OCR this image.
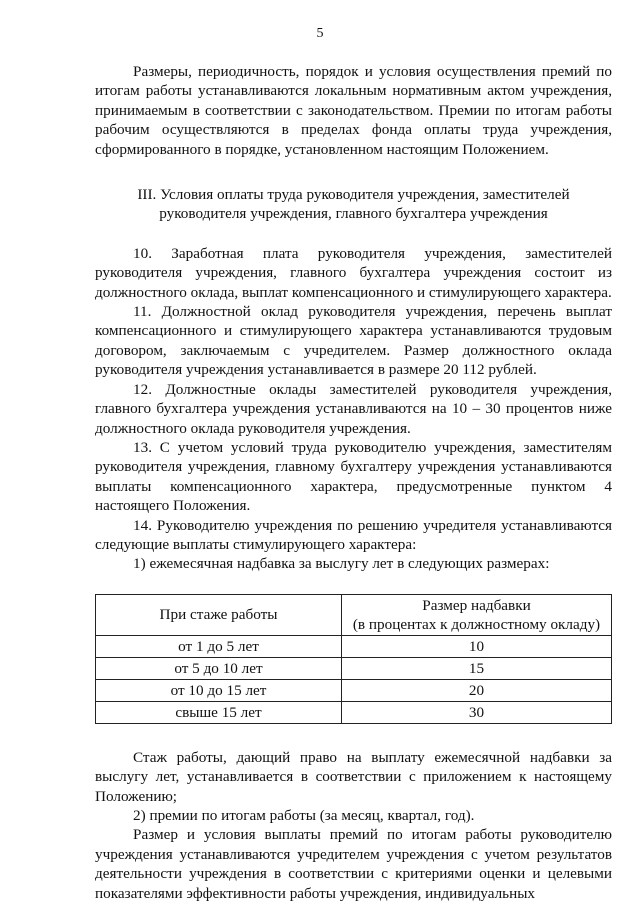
5

Размеры, периодичность, порядок и условия осуществления премий по итогам работы устанавливаются локальным нормативным актом учреждения, принимаемым в соответствии с законодательством. Премии по итогам работы рабочим осуществляются в пределах фонда оплаты труда учреждения, сформированного в порядке, установленном настоящим Положением.

III. Условия оплаты труда руководителя учреждения, заместителей
руководителя учреждения, главного бухгалтера учреждения

10. Заработная плата руководителя учреждения, заместителей руководителя учреждения, главного бухгалтера учреждения состоит из должностного оклада, выплат компенсационного и стимулирующего характера.

11. Должностной оклад руководителя учреждения, перечень выплат компенсационного и стимулирующего характера устанавливаются трудовым договором, заключаемым с учредителем. Размер должностного оклада руководителя учреждения устанавливается в размере 20 112 рублей.

12. Должностные оклады заместителей руководителя учреждения, главного бухгалтера учреждения устанавливаются на 10 – 30 процентов ниже должностного оклада руководителя учреждения.

13. С учетом условий труда руководителю учреждения, заместителям руководителя учреждения, главному бухгалтеру учреждения устанавливаются выплаты компенсационного характера, предусмотренные пунктом 4 настоящего Положения.

14. Руководителю учреждения по решению учредителя устанавливаются следующие выплаты стимулирующего характера:

1) ежемесячная надбавка за выслугу лет в следующих размерах:

При стаже работы	Размер надбавки
(в процентах к должностному окладу)
от 1 до 5 лет	10
от 5 до 10 лет	15
от 10 до 15 лет	20
свыше 15 лет	30

Стаж работы, дающий право на выплату ежемесячной надбавки за выслугу лет, устанавливается в соответствии с приложением к настоящему Положению;

2) премии по итогам работы (за месяц, квартал, год).

Размер и условия выплаты премий по итогам работы руководителю учреждения устанавливаются учредителем учреждения с учетом результатов деятельности учреждения в соответствии с критериями оценки и целевыми показателями эффективности работы учреждения, индивидуальных
